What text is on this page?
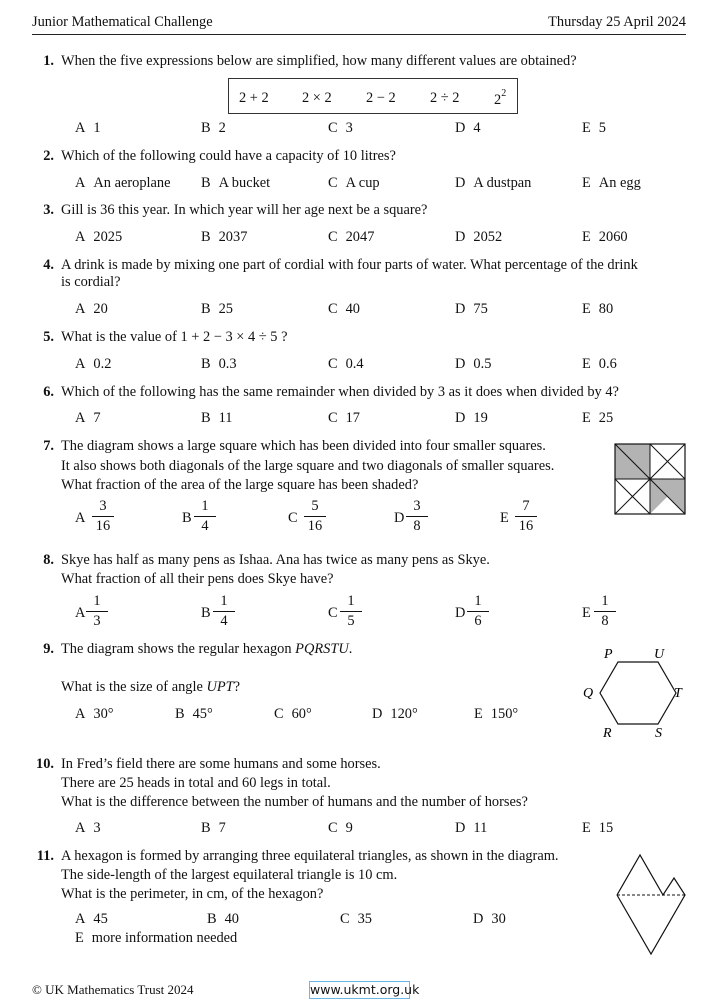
Junior Mathematical Challenge	Thursday 25 April 2024
1. When the five expressions below are simplified, how many different values are obtained?
2 + 2 2 × 2 2 − 2 2 ÷ 2 $2^2$
A 1	B 2	C 3	D 4	E 5
2. Which of the following could have a capacity of 10 litres?
A An aeroplane B A bucket	C A cup	D A dustpan	E An egg
3. Gill is 36 this year. In which year will her age next be a square?
A 2025	B 2037	C 2047	D 2052	E 2060
4. A drink is made by mixing one part of cordial with four parts of water. What percentage of the drink
is cordial?
A 20	B 25	C 40	D 75	E 80
5. What is the value of 1 + 2 − 3 × 4 ÷ 5 ?
A 0.2	B 0.3	C 0.4	D 0.5	E 0.6
6. Which of the following has the same remainder when divided by 3 as it does when divided by 4?
A 7	B 11	C 17	D 19	E 25
7. The diagram shows a large square which has been divided into four smaller squares.
It also shows both diagonals of the large square and two diagonals of smaller squares.
What fraction of the area of the large square has been shaded?
A
3
16	B
1
4	C
5
16	D
3
8	E
7
16
8. Skye has half as many pens as Ishaa. Ana has twice as many pens as Skye.
What fraction of all their pens does Skye have?
A
1
3	B
1
4	C
1
5	D
1
6	E
1
8
9. The diagram shows the regular hexagon PQRSTU.
What is the size of angle UPT?
P	U
Q	T
R	S
A 30°	B 45°	C 60°	D 120°	E 150°
10. In Fred’s field there are some humans and some horses.
There are 25 heads in total and 60 legs in total.
What is the difference between the number of humans and the number of horses?
A 3	B 7	C 9	D 11	E 15
11. A hexagon is formed by arranging three equilateral triangles, as shown in the diagram.
The side-length of the largest equilateral triangle is 10 cm.
What is the perimeter, in cm, of the hexagon?
A 45	B 40	C 35	D 30
E more information needed
© UK Mathematics Trust 2024	www.ukmt.org.uk
